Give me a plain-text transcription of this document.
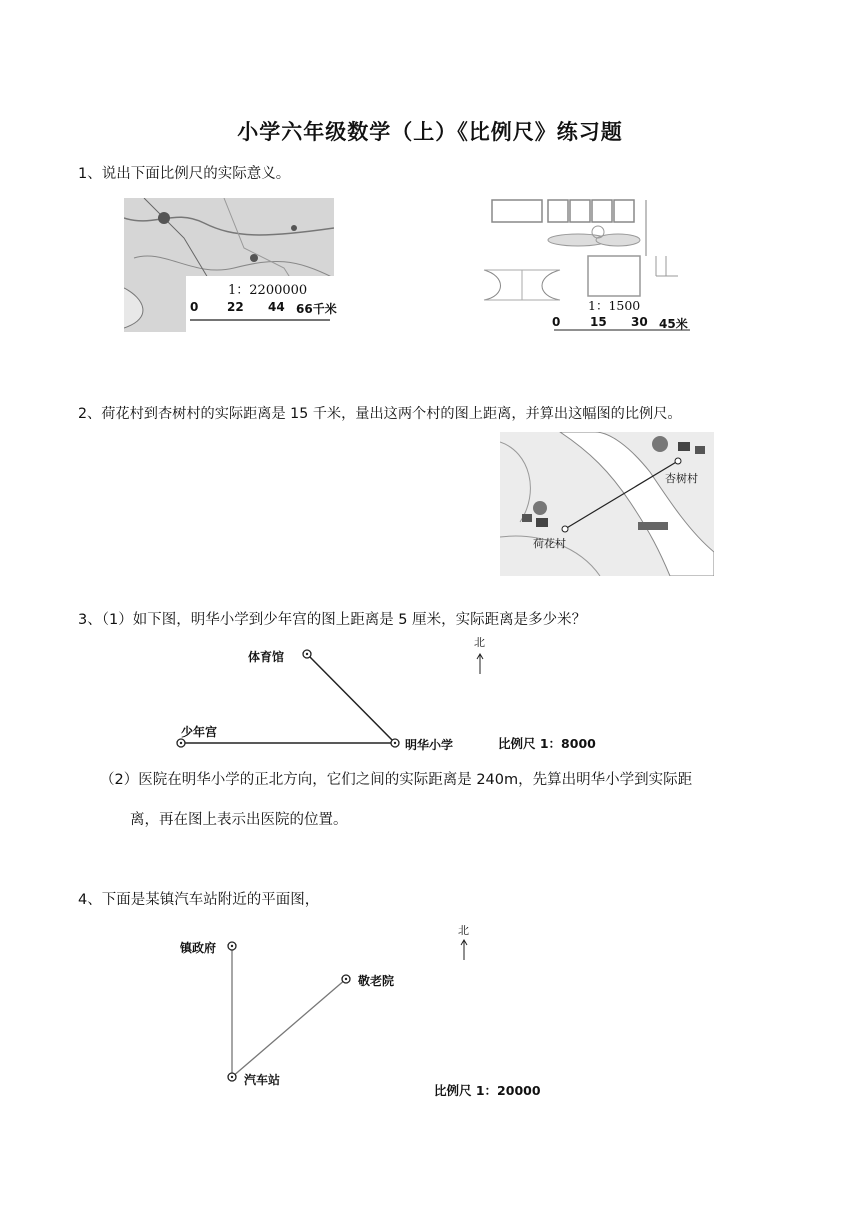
小学六年级数学（上）《比例尺》练习题
1、说出下面比例尺的实际意义。
1：2200000
0 22 44 66千米	1：1500
0 15 30 45米
2、荷花村到杏树村的实际距离是 15 千米，量出这两个村的图上距离，并算出这幅图的比例尺。
荷花村
杏树村
3、（1）如下图，明华小学到少年宫的图上距离是 5 厘米，实际距离是多少米？
体育馆
少年宫
明华小学
北
比例尺 1：8000
（2）医院在明华小学的正北方向，它们之间的实际距离是 240m，先算出明华小学到实际距
离，再在图上表示出医院的位置。
4、下面是某镇汽车站附近的平面图，
镇政府
敬老院
汽车站
北
比例尺 1：20000
